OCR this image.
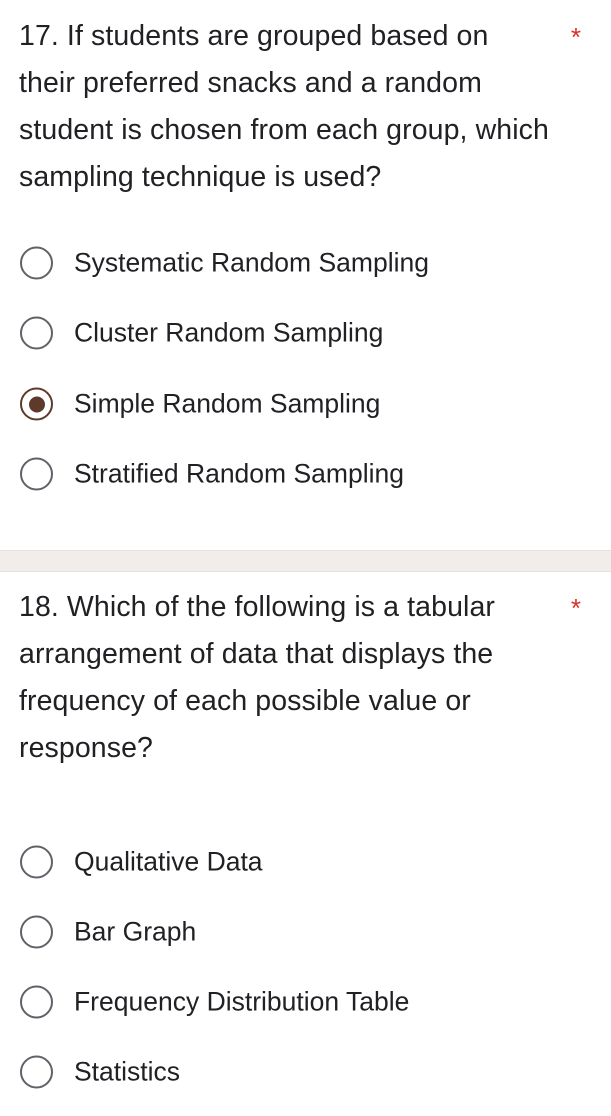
17. If students are grouped based on their preferred snacks and a random student is chosen from each group, which sampling technique is used?
*
Systematic Random Sampling
Cluster Random Sampling
Simple Random Sampling
Stratified Random Sampling
18. Which of the following is a tabular arrangement of data that displays the frequency of each possible value or response?
*
Qualitative Data
Bar Graph
Frequency Distribution Table
Statistics
